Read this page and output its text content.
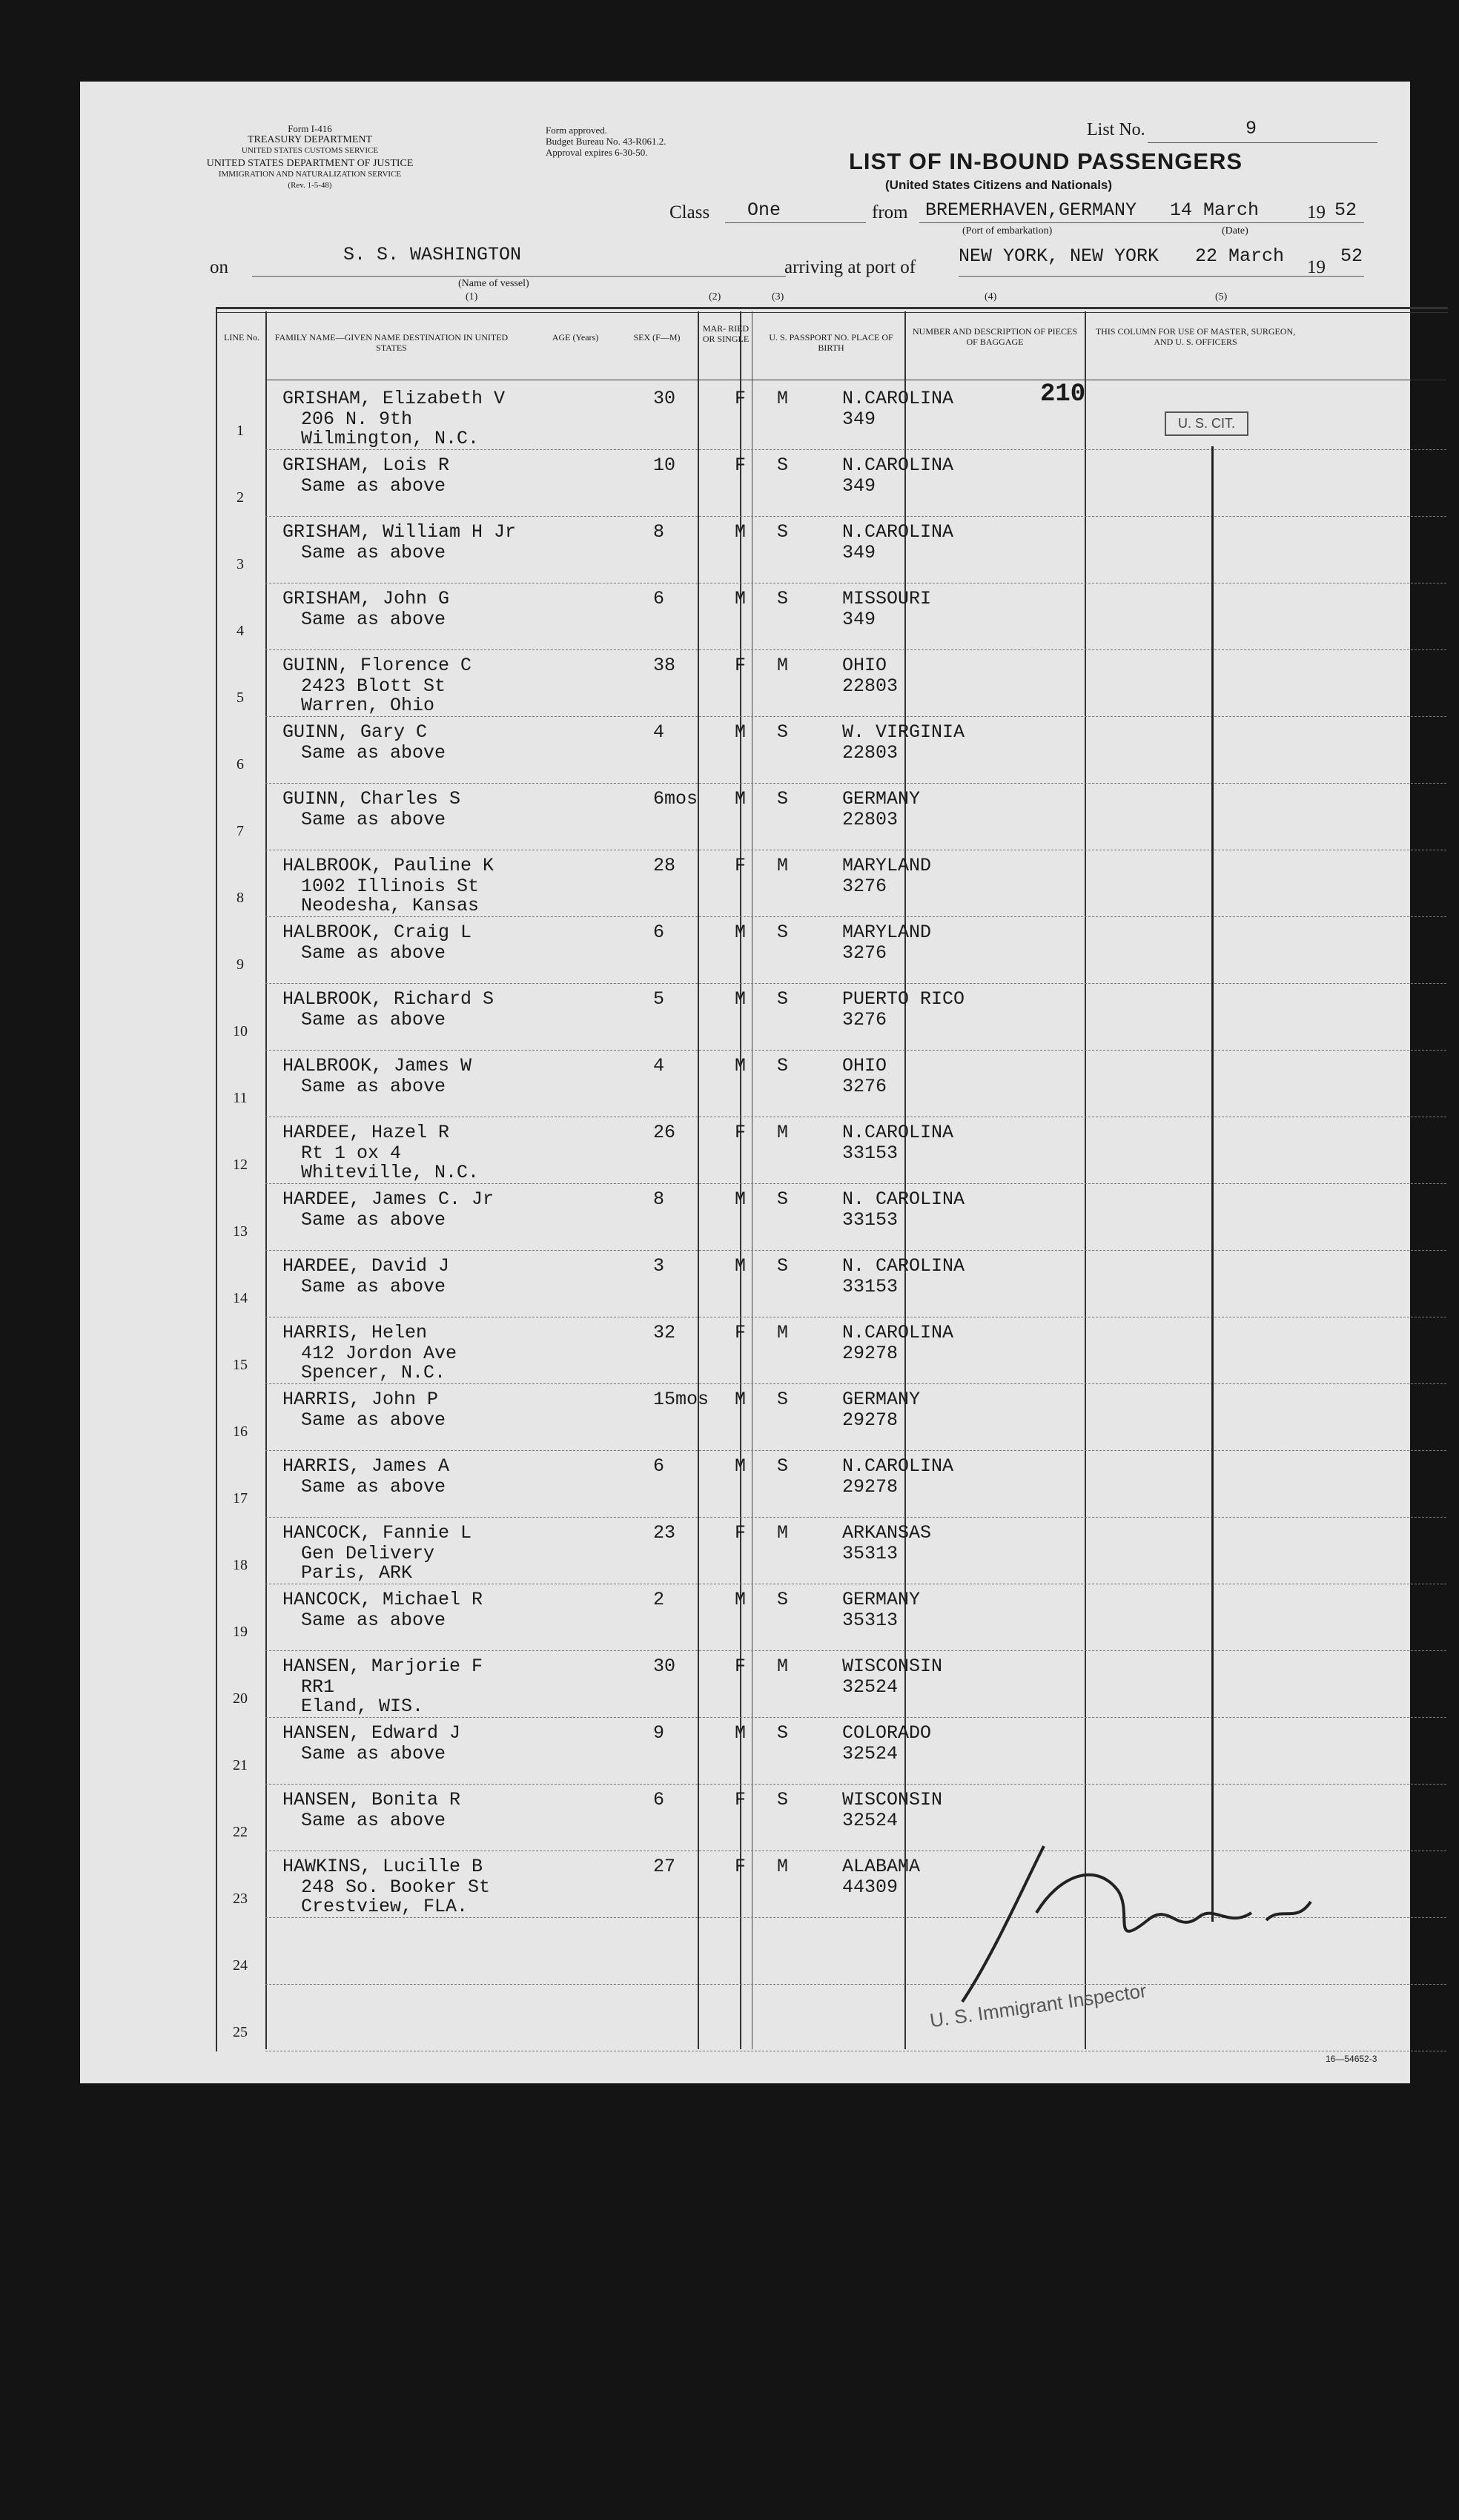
Form I-416
TREASURY DEPARTMENT
UNITED STATES CUSTOMS SERVICE
UNITED STATES DEPARTMENT OF JUSTICE
IMMIGRATION AND NATURALIZATION SERVICE
(Rev. 1-5-48)
Form approved.
Budget Bureau No. 43-R061.2.
Approval expires 6-30-50.
List No.	9
LIST OF IN-BOUND PASSENGERS
(United States Citizens and Nationals)
Class One	from BREMERHAVEN,GERMANY 14 March	19 52
(Port of embarkation)	(Date)
on
S. S. WASHINGTON
(Name of vessel)
arriving at port of
NEW YORK, NEW YORK 22 March
19
52
(1)	(2)	(3)	(4)	(5)
LINE No.	FAMILY NAME—GIVEN NAME DESTINATION IN UNITED STATES
AGE (Years)	SEX (F—M)
MAR- RIED OR SINGLE	U. S. PASSPORT NO. PLACE OF BIRTH
NUMBER AND DESCRIPTION OF PIECES OF BAGGAGE
THIS COLUMN FOR USE OF MASTER, SURGEON, AND U. S. OFFICERS
1
GRISHAM, Elizabeth V
206 N. 9th
Wilmington, N.C.
30	F M	N.CAROLINA
349
2
GRISHAM, Lois R
Same as above
10	F S	N.CAROLINA
349
3
GRISHAM, William H Jr
Same as above
8	M S	N.CAROLINA
349
4
GRISHAM, John G
Same as above
6	M S	MISSOURI
349
5
GUINN, Florence C
2423 Blott St
Warren, Ohio
38	F M	OHIO
22803
6
GUINN, Gary C
Same as above
4	M S	W. VIRGINIA
22803
7
GUINN, Charles S
Same as above
6mos M S	GERMANY
22803
8
HALBROOK, Pauline K
1002 Illinois St
Neodesha, Kansas
28	F M	MARYLAND
3276
9
HALBROOK, Craig L
Same as above
6	M S	MARYLAND
3276
10
HALBROOK, Richard S
Same as above
5	M S	PUERTO RICO
3276
11
HALBROOK, James W
Same as above
4	M S	OHIO
3276
12
HARDEE, Hazel R
Rt 1 ox 4
Whiteville, N.C.
26	F M	N.CAROLINA
33153
13
HARDEE, James C. Jr
Same as above
8	M S	N. CAROLINA
33153
14
HARDEE, David J
Same as above
3	M S	N. CAROLINA
33153
15
HARRIS, Helen
412 Jordon Ave
Spencer, N.C.
32	F M	N.CAROLINA
29278
16
HARRIS, John P
Same as above
15mos M S	GERMANY
29278
17
HARRIS, James A
Same as above
6	M S	N.CAROLINA
29278
18
HANCOCK, Fannie L
Gen Delivery
Paris, ARK
23	F M	ARKANSAS
35313
19
HANCOCK, Michael R
Same as above
2	M S	GERMANY
35313
20
HANSEN, Marjorie F
RR1
Eland, WIS.
30	F M	WISCONSIN
32524
21
HANSEN, Edward J
Same as above
9	M S	COLORADO
32524
22
HANSEN, Bonita R
Same as above
6	F S	WISCONSIN
32524
23
HAWKINS, Lucille B
248 So. Booker St
Crestview, FLA.
27	F M	ALABAMA
44309
24
25
210
U. S. CIT.
U. S. Immigrant Inspector
16—54652-3
